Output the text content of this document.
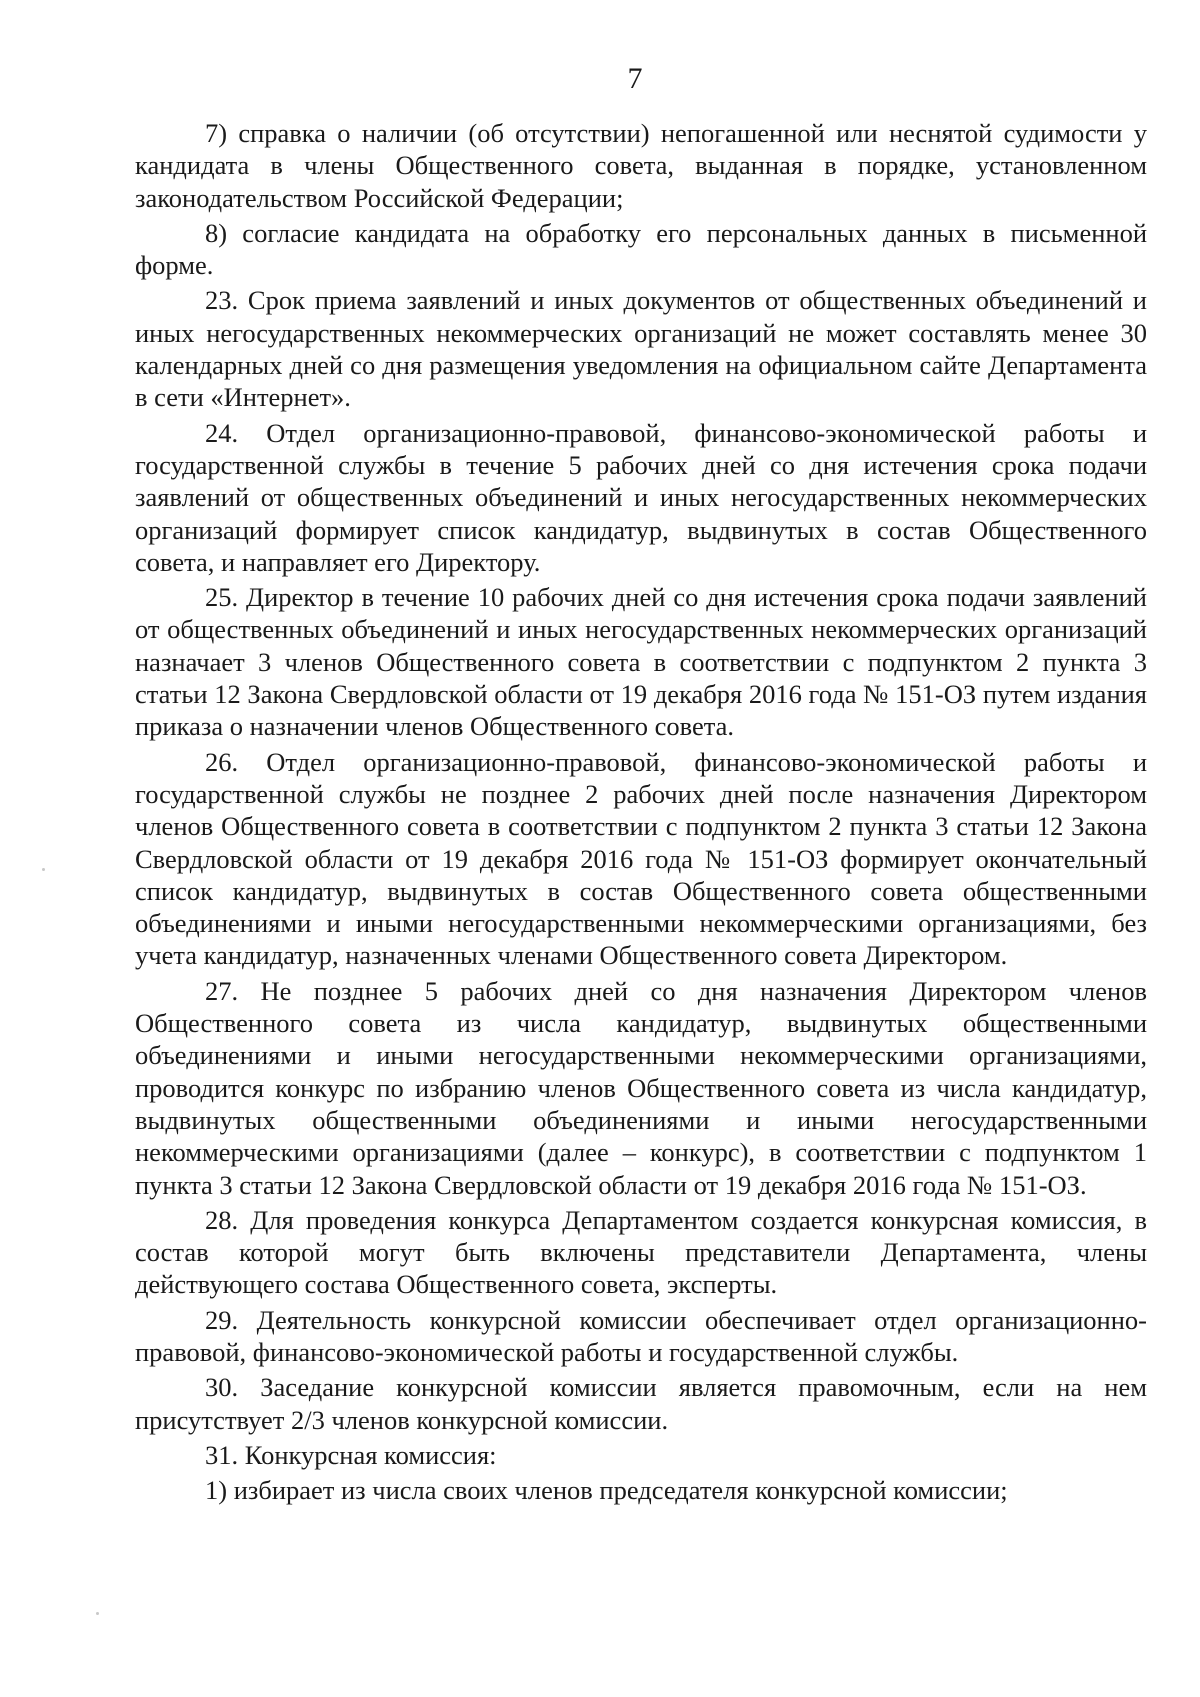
7

7) справка о наличии (об отсутствии) непогашенной или неснятой судимости у кандидата в члены Общественного совета, выданная в порядке, установленном законодательством Российской Федерации;

8) согласие кандидата на обработку его персональных данных в письменной форме.

23. Срок приема заявлений и иных документов от общественных объединений и иных негосударственных некоммерческих организаций не может составлять менее 30 календарных дней со дня размещения уведомления на официальном сайте Департамента в сети «Интернет».

24. Отдел организационно-правовой, финансово-экономической работы и государственной службы в течение 5 рабочих дней со дня истечения срока подачи заявлений от общественных объединений и иных негосударственных некоммерческих организаций формирует список кандидатур, выдвинутых в состав Общественного совета, и направляет его Директору.

25. Директор в течение 10 рабочих дней со дня истечения срока подачи заявлений от общественных объединений и иных негосударственных некоммерческих организаций назначает 3 членов Общественного совета в соответствии с подпунктом 2 пункта 3 статьи 12 Закона Свердловской области от 19 декабря 2016 года № 151-ОЗ путем издания приказа о назначении членов Общественного совета.

26. Отдел организационно-правовой, финансово-экономической работы и государственной службы не позднее 2 рабочих дней после назначения Директором членов Общественного совета в соответствии с подпунктом 2 пункта 3 статьи 12 Закона Свердловской области от 19 декабря 2016 года № 151-ОЗ формирует окончательный список кандидатур, выдвинутых в состав Общественного совета общественными объединениями и иными негосударственными некоммерческими организациями, без учета кандидатур, назначенных членами Общественного совета Директором.

27. Не позднее 5 рабочих дней со дня назначения Директором членов Общественного совета из числа кандидатур, выдвинутых общественными объединениями и иными негосударственными некоммерческими организациями, проводится конкурс по избранию членов Общественного совета из числа кандидатур, выдвинутых общественными объединениями и иными негосударственными некоммерческими организациями (далее – конкурс), в соответствии с подпунктом 1 пункта 3 статьи 12 Закона Свердловской области от 19 декабря 2016 года № 151-ОЗ.

28. Для проведения конкурса Департаментом создается конкурсная комиссия, в состав которой могут быть включены представители Департамента, члены действующего состава Общественного совета, эксперты.

29. Деятельность конкурсной комиссии обеспечивает отдел организационно-правовой, финансово-экономической работы и государственной службы.

30. Заседание конкурсной комиссии является правомочным, если на нем присутствует 2/3 членов конкурсной комиссии.

31. Конкурсная комиссия:

1) избирает из числа своих членов председателя конкурсной комиссии;
